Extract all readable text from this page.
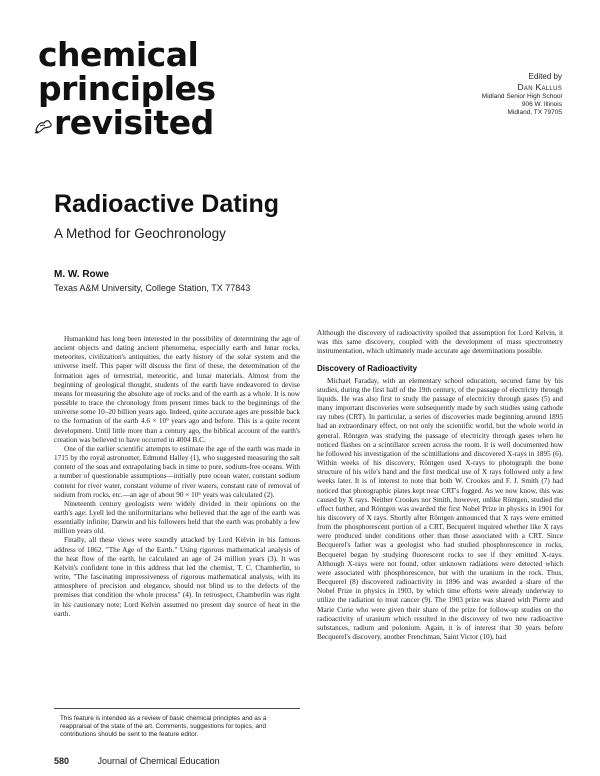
chemical principles
revisited
Edited by
Dan Kallus
Midland Senior High School
906 W. Illinois
Midland, TX 79705
Radioactive Dating
A Method for Geochronology
M. W. Rowe
Texas A&M University, College Station, TX 77843

Humankind has long been interested in the possibility of determining the age of ancient objects and dating ancient phenomena, especially earth and lunar rocks, meteorites, civilization's antiquities, the early history of the solar system and the universe itself. This paper will discuss the first of these, the determination of the formation ages of terrestrial, meteoritic, and lunar materials. Almost from the beginning of geological thought, students of the earth have endeavored to devise means for measuring the absolute age of rocks and of the earth as a whole. It is now possible to trace the chronology from present times back to the beginnings of the universe some 10–20 billion years ago. Indeed, quite accurate ages are possible back to the formation of the earth 4.6 × 10⁹ years ago and before. This is a quite recent development. Until little more than a century ago, the biblical account of the earth's creation was believed to have occurred in 4004 B.C.

One of the earlier scientific attempts to estimate the age of the earth was made in 1715 by the royal astronomer, Edmund Halley (1), who suggested measuring the salt content of the seas and extrapolating back in time to pure, sodium-free oceans. With a number of questionable assumptions—initially pure ocean water, constant sodium content for river water, constant volume of river waters, constant rate of removal of sodium from rocks, etc.—an age of about 90 × 10⁶ years was calculated (2).

Nineteenth century geologists were widely divided in their opinions on the earth's age: Lyell led the uniformitarians who believed that the age of the earth was essentially infinite; Darwin and his followers held that the earth was probably a few million years old.

Finally, all these views were soundly attacked by Lord Kelvin in his famous address of 1862, "The Age of the Earth." Using rigorous mathematical analysis of the heat flow of the earth, he calculated an age of 24 million years (3). It was Kelvin's confident tone in this address that led the chemist, T. C. Chamberlin, to write, "The fascinating impressiveness of rigorous mathematical analysis, with its atmosphere of precision and elegance, should not blind us to the defects of the premises that condition the whole process" (4). In retrospect, Chamberlin was right in his cautionary note; Lord Kelvin assumed no present day source of heat in the earth.

Although the discovery of radioactivity spoiled that assumption for Lord Kelvin, it was this same discovery, coupled with the development of mass spectrometry instrumentation, which ultimately made accurate age determinations possible.

Discovery of Radioactivity

Michael Faraday, with an elementary school education, secured fame by his studies, during the first half of the 19th century, of the passage of electricity through liquids. He was also first to study the passage of electricity through gases (5) and many important discoveries were subsequently made by such studies using cathode ray tubes (CRT). In particular, a series of discoveries made beginning around 1895 had an extraordinary effect, on not only the scientific world, but the whole world in general. Röntgen was studying the passage of electricity through gases when he noticed flashes on a scintillator screen across the room. It is well documented how he followed his investigation of the scintillations and discovered X-rays in 1895 (6). Within weeks of his discovery, Röntgen used X-rays to photograph the bone structure of his wife's hand and the first medical use of X rays followed only a few weeks later. It is of interest to note that both W. Crookes and F. J. Smith (7) had noticed that photographic plates kept near CRT's fogged. As we now know, this was caused by X rays. Neither Crookes nor Smith, however, unlike Röntgen, studied the effect further, and Röntgen was awarded the first Nobel Prize in physics in 1901 for his discovery of X rays. Shortly after Röntgen announced that X rays were emitted from the phosphorescent portion of a CRT, Becquerel inquired whether like X rays were produced under conditions other than those associated with a CRT. Since Becquerel's father was a geologist who had studied phosphorescence in rocks, Becquerel began by studying fluorescent rocks to see if they emitted X-rays. Although X-rays were not found, other unknown radiations were detected which were associated with phosphorescence, but with the uranium in the rock. Thus, Becquerel (8) discovered radioactivity in 1896 and was awarded a share of the Nobel Prize in physics in 1903, by which time efforts were already underway to utilize the radiation to treat cancer (9). The 1903 prize was shared with Pierre and Marie Curie who were given their share of the prize for follow-up studies on the radioactivity of uranium which resulted in the discovery of two new radioactive substances, radium and polonium. Again, it is of interest that 30 years before Becquerel's discovery, another Frenchman, Saint Victor (10), had

This feature is intended as a review of basic chemical principles and as a reappraisal of the state of the art. Comments, suggestions for topics, and contributions should be sent to the feature editor.
580	Journal of Chemical Education
